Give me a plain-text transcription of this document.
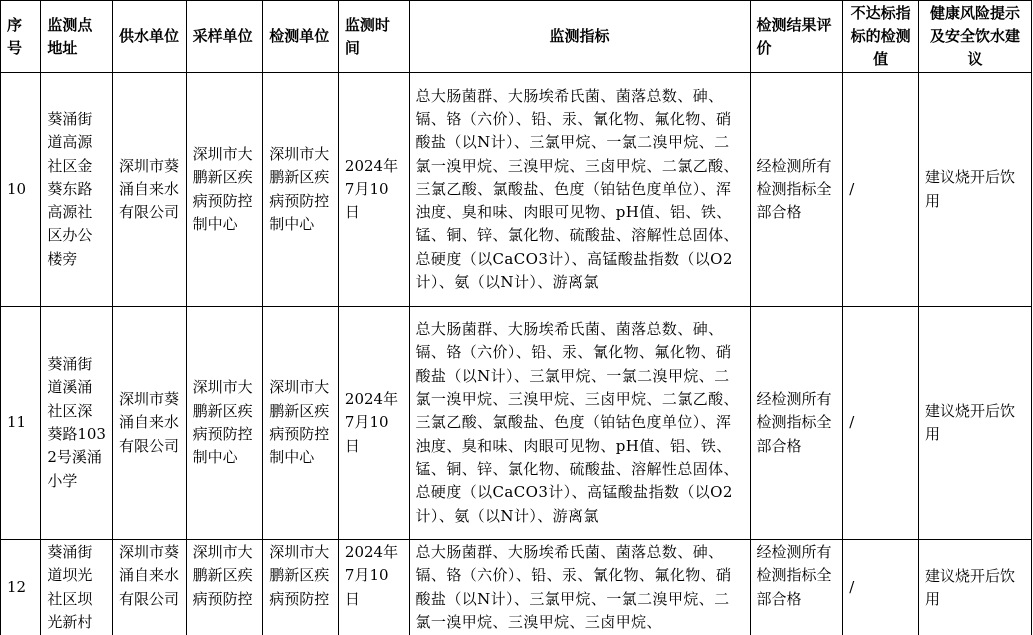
序号	监测点地址	供水单位	采样单位	检测单位	监测时间	监测指标	检测结果评价	不达标指标的检测值	健康风险提示及安全饮水建议
10	葵涌街道高源社区金葵东路高源社区办公楼旁	深圳市葵涌自来水有限公司	深圳市大鹏新区疾病预防控制中心	深圳市大鹏新区疾病预防控制中心	2024年7月10日	总大肠菌群、大肠埃希氏菌、菌落总数、砷、镉、铬（六价）、铅、汞、氰化物、氟化物、硝酸盐（以N计）、三氯甲烷、一氯二溴甲烷、二氯一溴甲烷、三溴甲烷、三卤甲烷、二氯乙酸、三氯乙酸、氯酸盐、色度（铂钴色度单位）、浑浊度、臭和味、肉眼可见物、pH值、铝、铁、锰、铜、锌、氯化物、硫酸盐、溶解性总固体、总硬度（以CaCO3计）、高锰酸盐指数（以O2计）、氨（以N计）、游离氯	经检测所有检测指标全部合格	/	建议烧开后饮用
11	葵涌街道溪涌社区深葵路1032号溪涌小学	深圳市葵涌自来水有限公司	深圳市大鹏新区疾病预防控制中心	深圳市大鹏新区疾病预防控制中心	2024年7月10日	总大肠菌群、大肠埃希氏菌、菌落总数、砷、镉、铬（六价）、铅、汞、氰化物、氟化物、硝酸盐（以N计）、三氯甲烷、一氯二溴甲烷、二氯一溴甲烷、三溴甲烷、三卤甲烷、二氯乙酸、三氯乙酸、氯酸盐、色度（铂钴色度单位）、浑浊度、臭和味、肉眼可见物、pH值、铝、铁、锰、铜、锌、氯化物、硫酸盐、溶解性总固体、总硬度（以CaCO3计）、高锰酸盐指数（以O2计）、氨（以N计）、游离氯	经检测所有检测指标全部合格	/	建议烧开后饮用
12	葵涌街道坝光社区坝光新村	深圳市葵涌自来水有限公司	深圳市大鹏新区疾病预防控	深圳市大鹏新区疾病预防控	2024年7月10日	总大肠菌群、大肠埃希氏菌、菌落总数、砷、镉、铬（六价）、铅、汞、氰化物、氟化物、硝酸盐（以N计）、三氯甲烷、一氯二溴甲烷、二氯一溴甲烷、三溴甲烷、三卤甲烷、	经检测所有检测指标全部合格	/	建议烧开后饮用
